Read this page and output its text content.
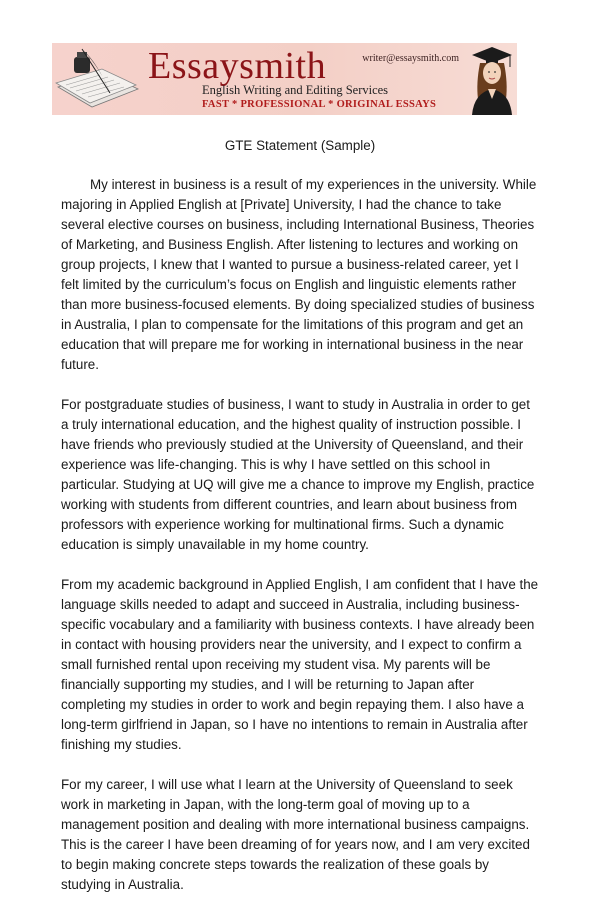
Essaysmith	writer@essaysmith.com
English Writing and Editing Services
FAST * PROFESSIONAL * ORIGINAL ESSAYS
GTE Statement (Sample)

My interest in business is a result of my experiences in the university. While majoring in Applied English at [Private] University, I had the chance to take several elective courses on business, including International Business, Theories of Marketing, and Business English. After listening to lectures and working on group projects, I knew that I wanted to pursue a business-related career, yet I felt limited by the curriculum’s focus on English and linguistic elements rather than more business-focused elements. By doing specialized studies of business in Australia, I plan to compensate for the limitations of this program and get an education that will prepare me for working in international business in the near future.

For postgraduate studies of business, I want to study in Australia in order to get a truly international education, and the highest quality of instruction possible. I have friends who previously studied at the University of Queensland, and their experience was life-changing. This is why I have settled on this school in particular. Studying at UQ will give me a chance to improve my English, practice working with students from different countries, and learn about business from professors with experience working for multinational firms. Such a dynamic education is simply unavailable in my home country.

From my academic background in Applied English, I am confident that I have the language skills needed to adapt and succeed in Australia, including business-specific vocabulary and a familiarity with business contexts. I have already been in contact with housing providers near the university, and I expect to confirm a small furnished rental upon receiving my student visa. My parents will be financially supporting my studies, and I will be returning to Japan after completing my studies in order to work and begin repaying them. I also have a long-term girlfriend in Japan, so I have no intentions to remain in Australia after finishing my studies.

For my career, I will use what I learn at the University of Queensland to seek work in marketing in Japan, with the long-term goal of moving up to a management position and dealing with more international business campaigns. This is the career I have been dreaming of for years now, and I am very excited to begin making concrete steps towards the realization of these goals by studying in Australia.
